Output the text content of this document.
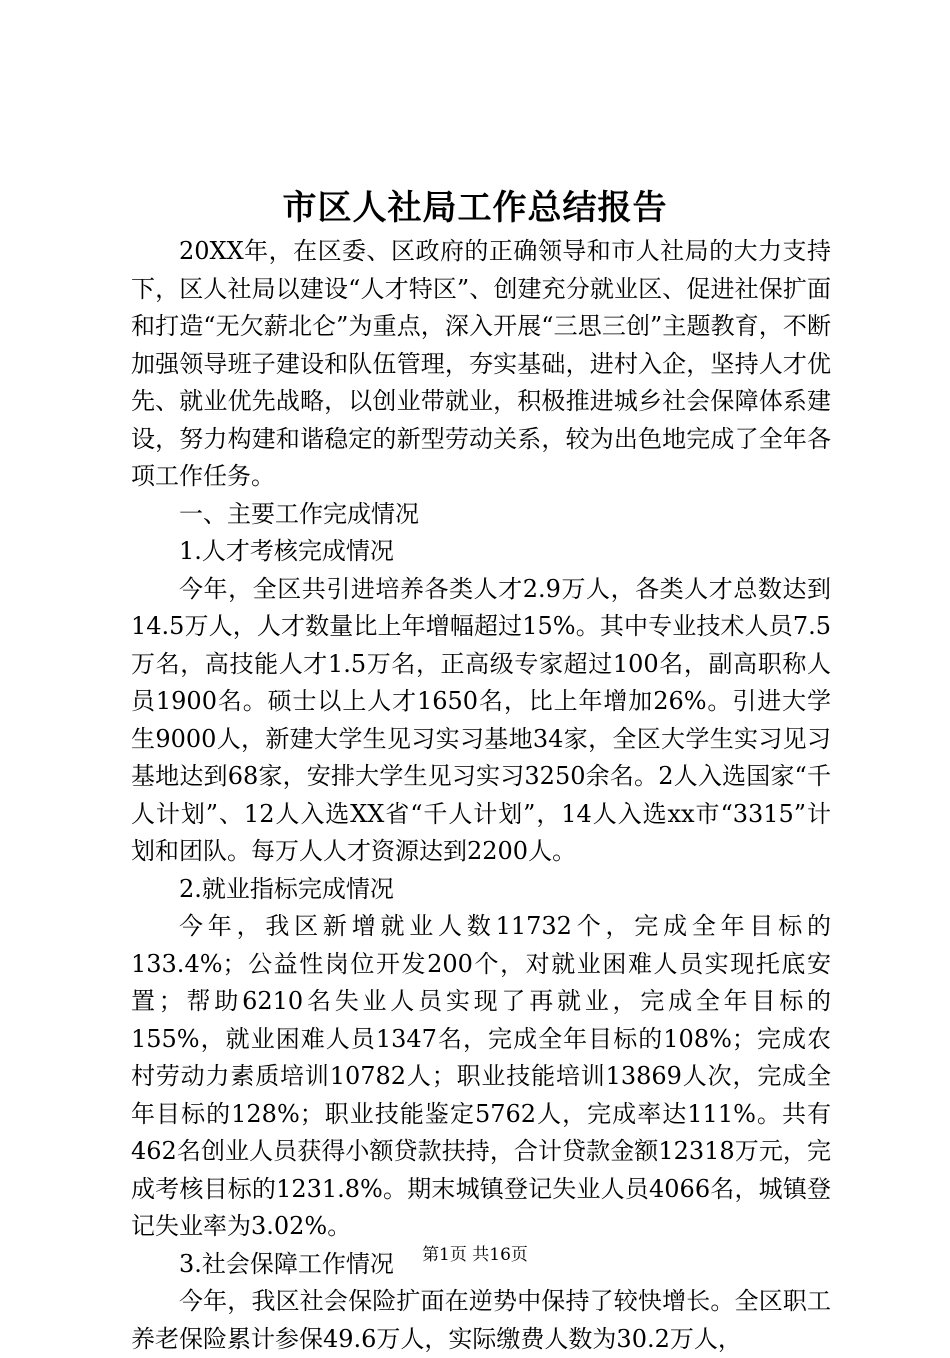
市区人社局工作总结报告

20XX年，在区委、区政府的正确领导和市人社局的大力支持下，区人社局以建设“人才特区”、创建充分就业区、促进社保扩面和打造“无欠薪北仑”为重点，深入开展“三思三创”主题教育，不断加强领导班子建设和队伍管理，夯实基础，进村入企，坚持人才优先、就业优先战略，以创业带就业，积极推进城乡社会保障体系建设，努力构建和谐稳定的新型劳动关系，较为出色地完成了全年各项工作任务。

一、主要工作完成情况

1.人才考核完成情况

今年，全区共引进培养各类人才2.9万人，各类人才总数达到14.5万人，人才数量比上年增幅超过15%。其中专业技术人员7.5万名，高技能人才1.5万名，正高级专家超过100名，副高职称人员1900名。硕士以上人才1650名，比上年增加26%。引进大学生9000人，新建大学生见习实习基地34家，全区大学生实习见习基地达到68家，安排大学生见习实习3250余名。2人入选国家“千人计划”、12人入选XX省“千人计划”，14人入选xx市“3315”计划和团队。每万人人才资源达到2200人。

2.就业指标完成情况

今年，我区新增就业人数11732个，完成全年目标的133.4%；公益性岗位开发200个，对就业困难人员实现托底安置；帮助6210名失业人员实现了再就业，完成全年目标的155%，就业困难人员1347名，完成全年目标的108%；完成农村劳动力素质培训10782人；职业技能培训13869人次，完成全年目标的128%；职业技能鉴定5762人，完成率达111%。共有462名创业人员获得小额贷款扶持，合计贷款金额12318万元，完成考核目标的1231.8%。期末城镇登记失业人员4066名，城镇登记失业率为3.02%。

3.社会保障工作情况

今年，我区社会保险扩面在逆势中保持了较快增长。全区职工养老保险累计参保49.6万人，实际缴费人数为30.2万人，

第1页 共16页
